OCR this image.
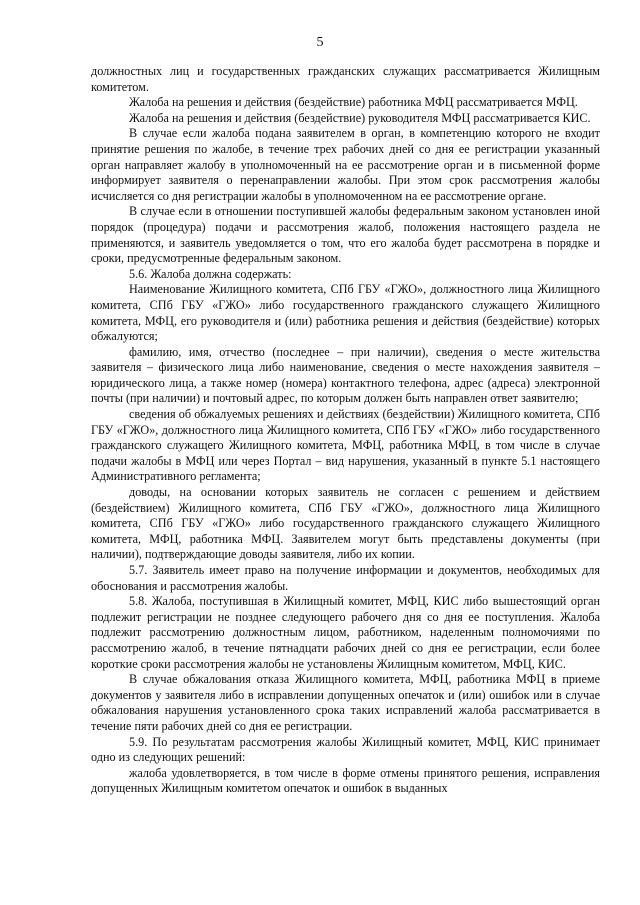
5

должностных лиц и государственных гражданских служащих рассматривается Жилищным комитетом.

Жалоба на решения и действия (бездействие) работника МФЦ рассматривается МФЦ.

Жалоба на решения и действия (бездействие) руководителя МФЦ рассматривается КИС.

В случае если жалоба подана заявителем в орган, в компетенцию которого не входит принятие решения по жалобе, в течение трех рабочих дней со дня ее регистрации указанный орган направляет жалобу в уполномоченный на ее рассмотрение орган и в письменной форме информирует заявителя о перенаправлении жалобы. При этом срок рассмотрения жалобы исчисляется со дня регистрации жалобы в уполномоченном на ее рассмотрение органе.

В случае если в отношении поступившей жалобы федеральным законом установлен иной порядок (процедура) подачи и рассмотрения жалоб, положения настоящего раздела не применяются, и заявитель уведомляется о том, что его жалоба будет рассмотрена в порядке и сроки, предусмотренные федеральным законом.

5.6. Жалоба должна содержать:

Наименование Жилищного комитета, СПб ГБУ «ГЖО», должностного лица Жилищного комитета, СПб ГБУ «ГЖО» либо государственного гражданского служащего Жилищного комитета, МФЦ, его руководителя и (или) работника решения и действия (бездействие) которых обжалуются;

фамилию, имя, отчество (последнее – при наличии), сведения о месте жительства заявителя – физического лица либо наименование, сведения о месте нахождения заявителя – юридического лица, а также номер (номера) контактного телефона, адрес (адреса) электронной почты (при наличии) и почтовый адрес, по которым должен быть направлен ответ заявителю;

сведения об обжалуемых решениях и действиях (бездействии) Жилищного комитета, СПб ГБУ «ГЖО», должностного лица Жилищного комитета, СПб ГБУ «ГЖО» либо государственного гражданского служащего Жилищного комитета, МФЦ, работника МФЦ, в том числе в случае подачи жалобы в МФЦ или через Портал – вид нарушения, указанный в пункте 5.1 настоящего Административного регламента;

доводы, на основании которых заявитель не согласен с решением и действием (бездействием) Жилищного комитета, СПб ГБУ «ГЖО», должностного лица Жилищного комитета, СПб ГБУ «ГЖО» либо государственного гражданского служащего Жилищного комитета, МФЦ, работника МФЦ. Заявителем могут быть представлены документы (при наличии), подтверждающие доводы заявителя, либо их копии.

5.7. Заявитель имеет право на получение информации и документов, необходимых для обоснования и рассмотрения жалобы.

5.8. Жалоба, поступившая в Жилищный комитет, МФЦ, КИС либо вышестоящий орган подлежит регистрации не позднее следующего рабочего дня со дня ее поступления. Жалоба подлежит рассмотрению должностным лицом, работником, наделенным полномочиями по рассмотрению жалоб, в течение пятнадцати рабочих дней со дня ее регистрации, если более короткие сроки рассмотрения жалобы не установлены Жилищным комитетом, МФЦ, КИС.

В случае обжалования отказа Жилищного комитета, МФЦ, работника МФЦ в приеме документов у заявителя либо в исправлении допущенных опечаток и (или) ошибок или в случае обжалования нарушения установленного срока таких исправлений жалоба рассматривается в течение пяти рабочих дней со дня ее регистрации.

5.9. По результатам рассмотрения жалобы Жилищный комитет, МФЦ, КИС принимает одно из следующих решений:

жалоба удовлетворяется, в том числе в форме отмены принятого решения, исправления допущенных Жилищным комитетом опечаток и ошибок в выданных
